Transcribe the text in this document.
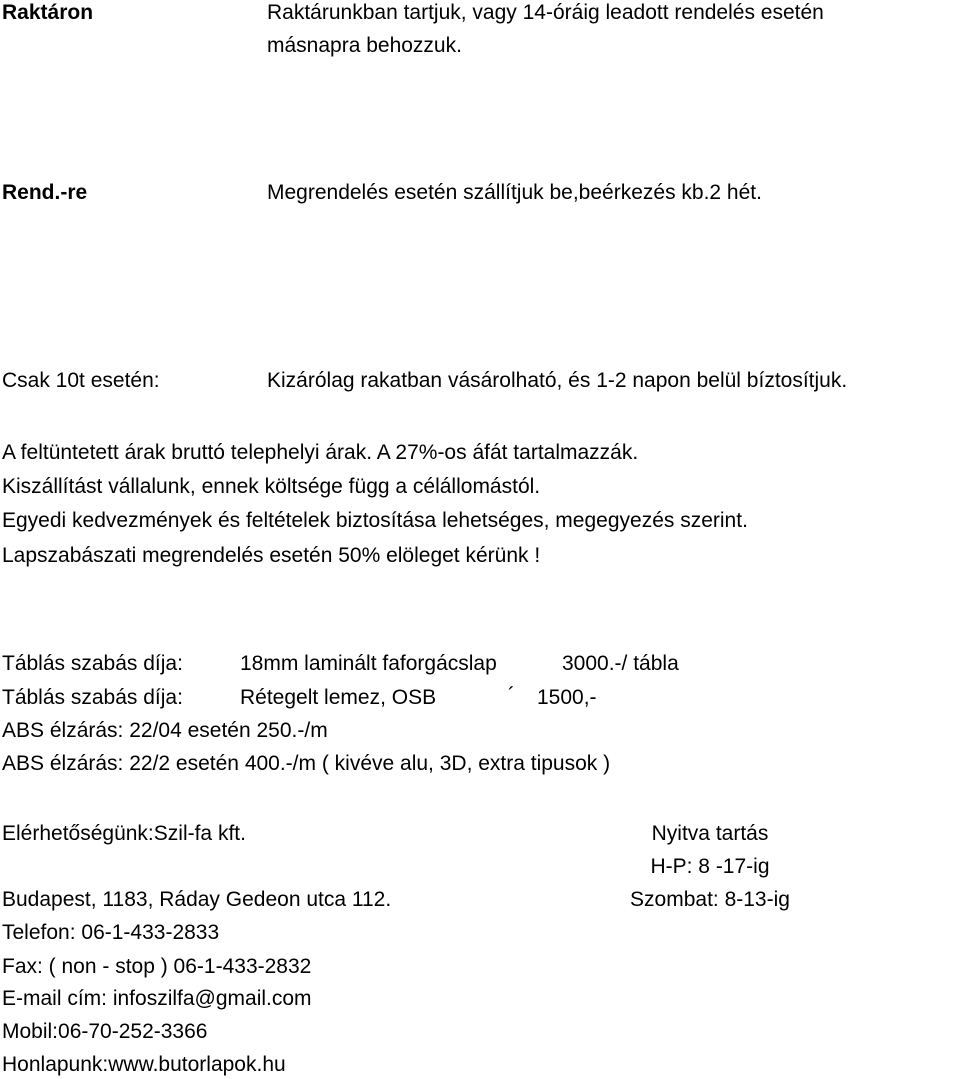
Raktáron	Raktárunkban tartjuk, vagy 14-óráig leadott rendelés esetén
másnapra behozzuk.
Rend.-re	Megrendelés esetén szállítjuk be,beérkezés kb.2 hét.
Csak 10t esetén:	Kizárólag rakatban vásárolható, és 1-2 napon belül bíztosítjuk.
A feltüntetett árak bruttó telephelyi árak. A 27%-os áfát tartalmazzák.
Kiszállítást vállalunk, ennek költsége függ a célállomástól.
Egyedi kedvezmények és feltételek biztosítása lehetséges, megegyezés szerint.
Lapszabászati megrendelés esetén 50% elöleget kérünk !
Táblás szabás díja:	18mm laminált faforgácslap	3000.-/ tábla
Táblás szabás díja:	Rétegelt lemez, OSB	´ 1500,-
ABS élzárás: 22/04 esetén 250.-/m
ABS élzárás: 22/2 esetén 400.-/m ( kivéve alu, 3D, extra tipusok )
Elérhetőségünk:Szil-fa kft.
Budapest, 1183, Ráday Gedeon utca 112.
Telefon: 06-1-433-2833
Fax: ( non - stop ) 06-1-433-2832
E-mail cím: infoszilfa@gmail.com
Mobil:06-70-252-3366
Honlapunk:www.butorlapok.hu
Nyitva tartás
H-P: 8 -17-ig
Szombat: 8-13-ig
